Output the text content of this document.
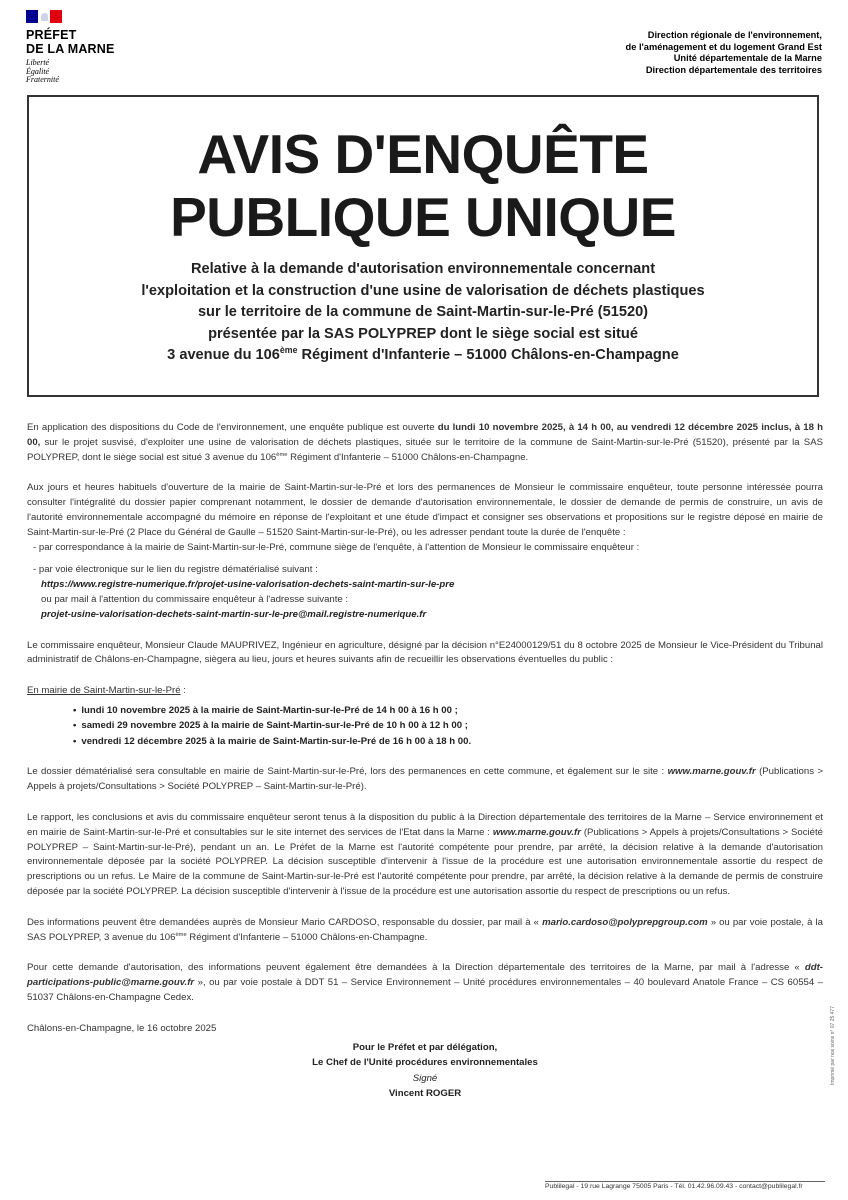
PRÉFET
DE LA MARNE
Liberté
Égalité
Fraternité
Direction régionale de l'environnement,
de l'aménagement et du logement Grand Est
Unité départementale de la Marne
Direction départementale des territoires
AVIS D'ENQUÊTE
PUBLIQUE UNIQUE
Relative à la demande d'autorisation environnementale concernant
l'exploitation et la construction d'une usine de valorisation de déchets plastiques
sur le territoire de la commune de Saint-Martin-sur-le-Pré (51520)
présentée par la SAS POLYPREP dont le siège social est situé
3 avenue du 106ème Régiment d'Infanterie – 51000 Châlons-en-Champagne

En application des dispositions du Code de l'environnement, une enquête publique est ouverte du lundi 10 novembre 2025, à 14 h 00, au vendredi 12 décembre 2025 inclus, à 18 h 00, sur le projet susvisé, d'exploiter une usine de valorisation de déchets plastiques, située sur le territoire de la commune de Saint-Martin-sur-le-Pré (51520), présenté par la SAS POLYPREP, dont le siège social est situé 3 avenue du 106ème Régiment d'Infanterie – 51000 Châlons-en-Champagne.

Aux jours et heures habituels d'ouverture de la mairie de Saint-Martin-sur-le-Pré et lors des permanences de Monsieur le commissaire enquêteur, toute personne intéressée pourra consulter l'intégralité du dossier papier comprenant notamment, le dossier de demande d'autorisation environnementale, le dossier de demande de permis de construire, un avis de l'autorité environnementale accompagné du mémoire en réponse de l'exploitant et une étude d'impact et consigner ses observations et propositions sur le registre déposé en mairie de Saint-Martin-sur-le-Pré (2 Place du Général de Gaulle – 51520 Saint-Martin-sur-le-Pré), ou les adresser pendant toute la durée de l'enquête :

- par correspondance à la mairie de Saint-Martin-sur-le-Pré, commune siège de l'enquête, à l'attention de Monsieur le commissaire enquêteur :
- par voie électronique sur le lien du registre dématérialisé suivant :
https://www.registre-numerique.fr/projet-usine-valorisation-dechets-saint-martin-sur-le-pre
ou par mail à l'attention du commissaire enquêteur à l'adresse suivante :
projet-usine-valorisation-dechets-saint-martin-sur-le-pre@mail.registre-numerique.fr

Le commissaire enquêteur, Monsieur Claude MAUPRIVEZ, Ingénieur en agriculture, désigné par la décision n°E24000129/51 du 8 octobre 2025 de Monsieur le Vice-Président du Tribunal administratif de Châlons-en-Champagne, siègera au lieu, jours et heures suivants afin de recueillir les observations éventuelles du public :

En mairie de Saint-Martin-sur-le-Pré :
• lundi 10 novembre 2025 à la mairie de Saint-Martin-sur-le-Pré de 14 h 00 à 16 h 00 ;
• samedi 29 novembre 2025 à la mairie de Saint-Martin-sur-le-Pré de 10 h 00 à 12 h 00 ;
• vendredi 12 décembre 2025 à la mairie de Saint-Martin-sur-le-Pré de 16 h 00 à 18 h 00.

Le dossier dématérialisé sera consultable en mairie de Saint-Martin-sur-le-Pré, lors des permanences en cette commune, et également sur le site : www.marne.gouv.fr (Publications > Appels à projets/Consultations > Société POLYPREP – Saint-Martin-sur-le-Pré).

Le rapport, les conclusions et avis du commissaire enquêteur seront tenus à la disposition du public à la Direction départementale des territoires de la Marne – Service environnement et en mairie de Saint-Martin-sur-le-Pré et consultables sur le site internet des services de l'Etat dans la Marne : www.marne.gouv.fr (Publications > Appels à projets/Consultations > Société POLYPREP – Saint-Martin-sur-le-Pré), pendant un an. Le Préfet de la Marne est l'autorité compétente pour prendre, par arrêté, la décision relative à la demande d'autorisation environnementale déposée par la société POLYPREP. La décision susceptible d'intervenir à l'issue de la procédure est une autorisation environnementale assortie du respect de prescriptions ou un refus. Le Maire de la commune de Saint-Martin-sur-le-Pré est l'autorité compétente pour prendre, par arrêté, la décision relative à la demande de permis de construire déposée par la société POLYPREP. La décision susceptible d'intervenir à l'issue de la procédure est une autorisation assortie du respect de prescriptions ou un refus.

Des informations peuvent être demandées auprès de Monsieur Mario CARDOSO, responsable du dossier, par mail à « mario.cardoso@polyprepgroup.com » ou par voie postale, à la SAS POLYPREP, 3 avenue du 106ème Régiment d'Infanterie – 51000 Châlons-en-Champagne.

Pour cette demande d'autorisation, des informations peuvent également être demandées à la Direction départementale des territoires de la Marne, par mail à l'adresse « ddt-participations-public@marne.gouv.fr », ou par voie postale à DDT 51 – Service Environnement – Unité procédures environnementales – 40 boulevard Anatole France – CS 60554 – 51037 Châlons-en-Champagne Cedex.

Châlons-en-Champagne, le 16 octobre 2025
Pour le Préfet et par délégation,
Le Chef de l'Unité procédures environnementales
Signé
Vincent ROGER
Imprimé par nos soins n° 07 25 477
Publilegal - 19 rue Lagrange 75005 Paris - Tél. 01.42.96.09.43 - contact@publilegal.fr
